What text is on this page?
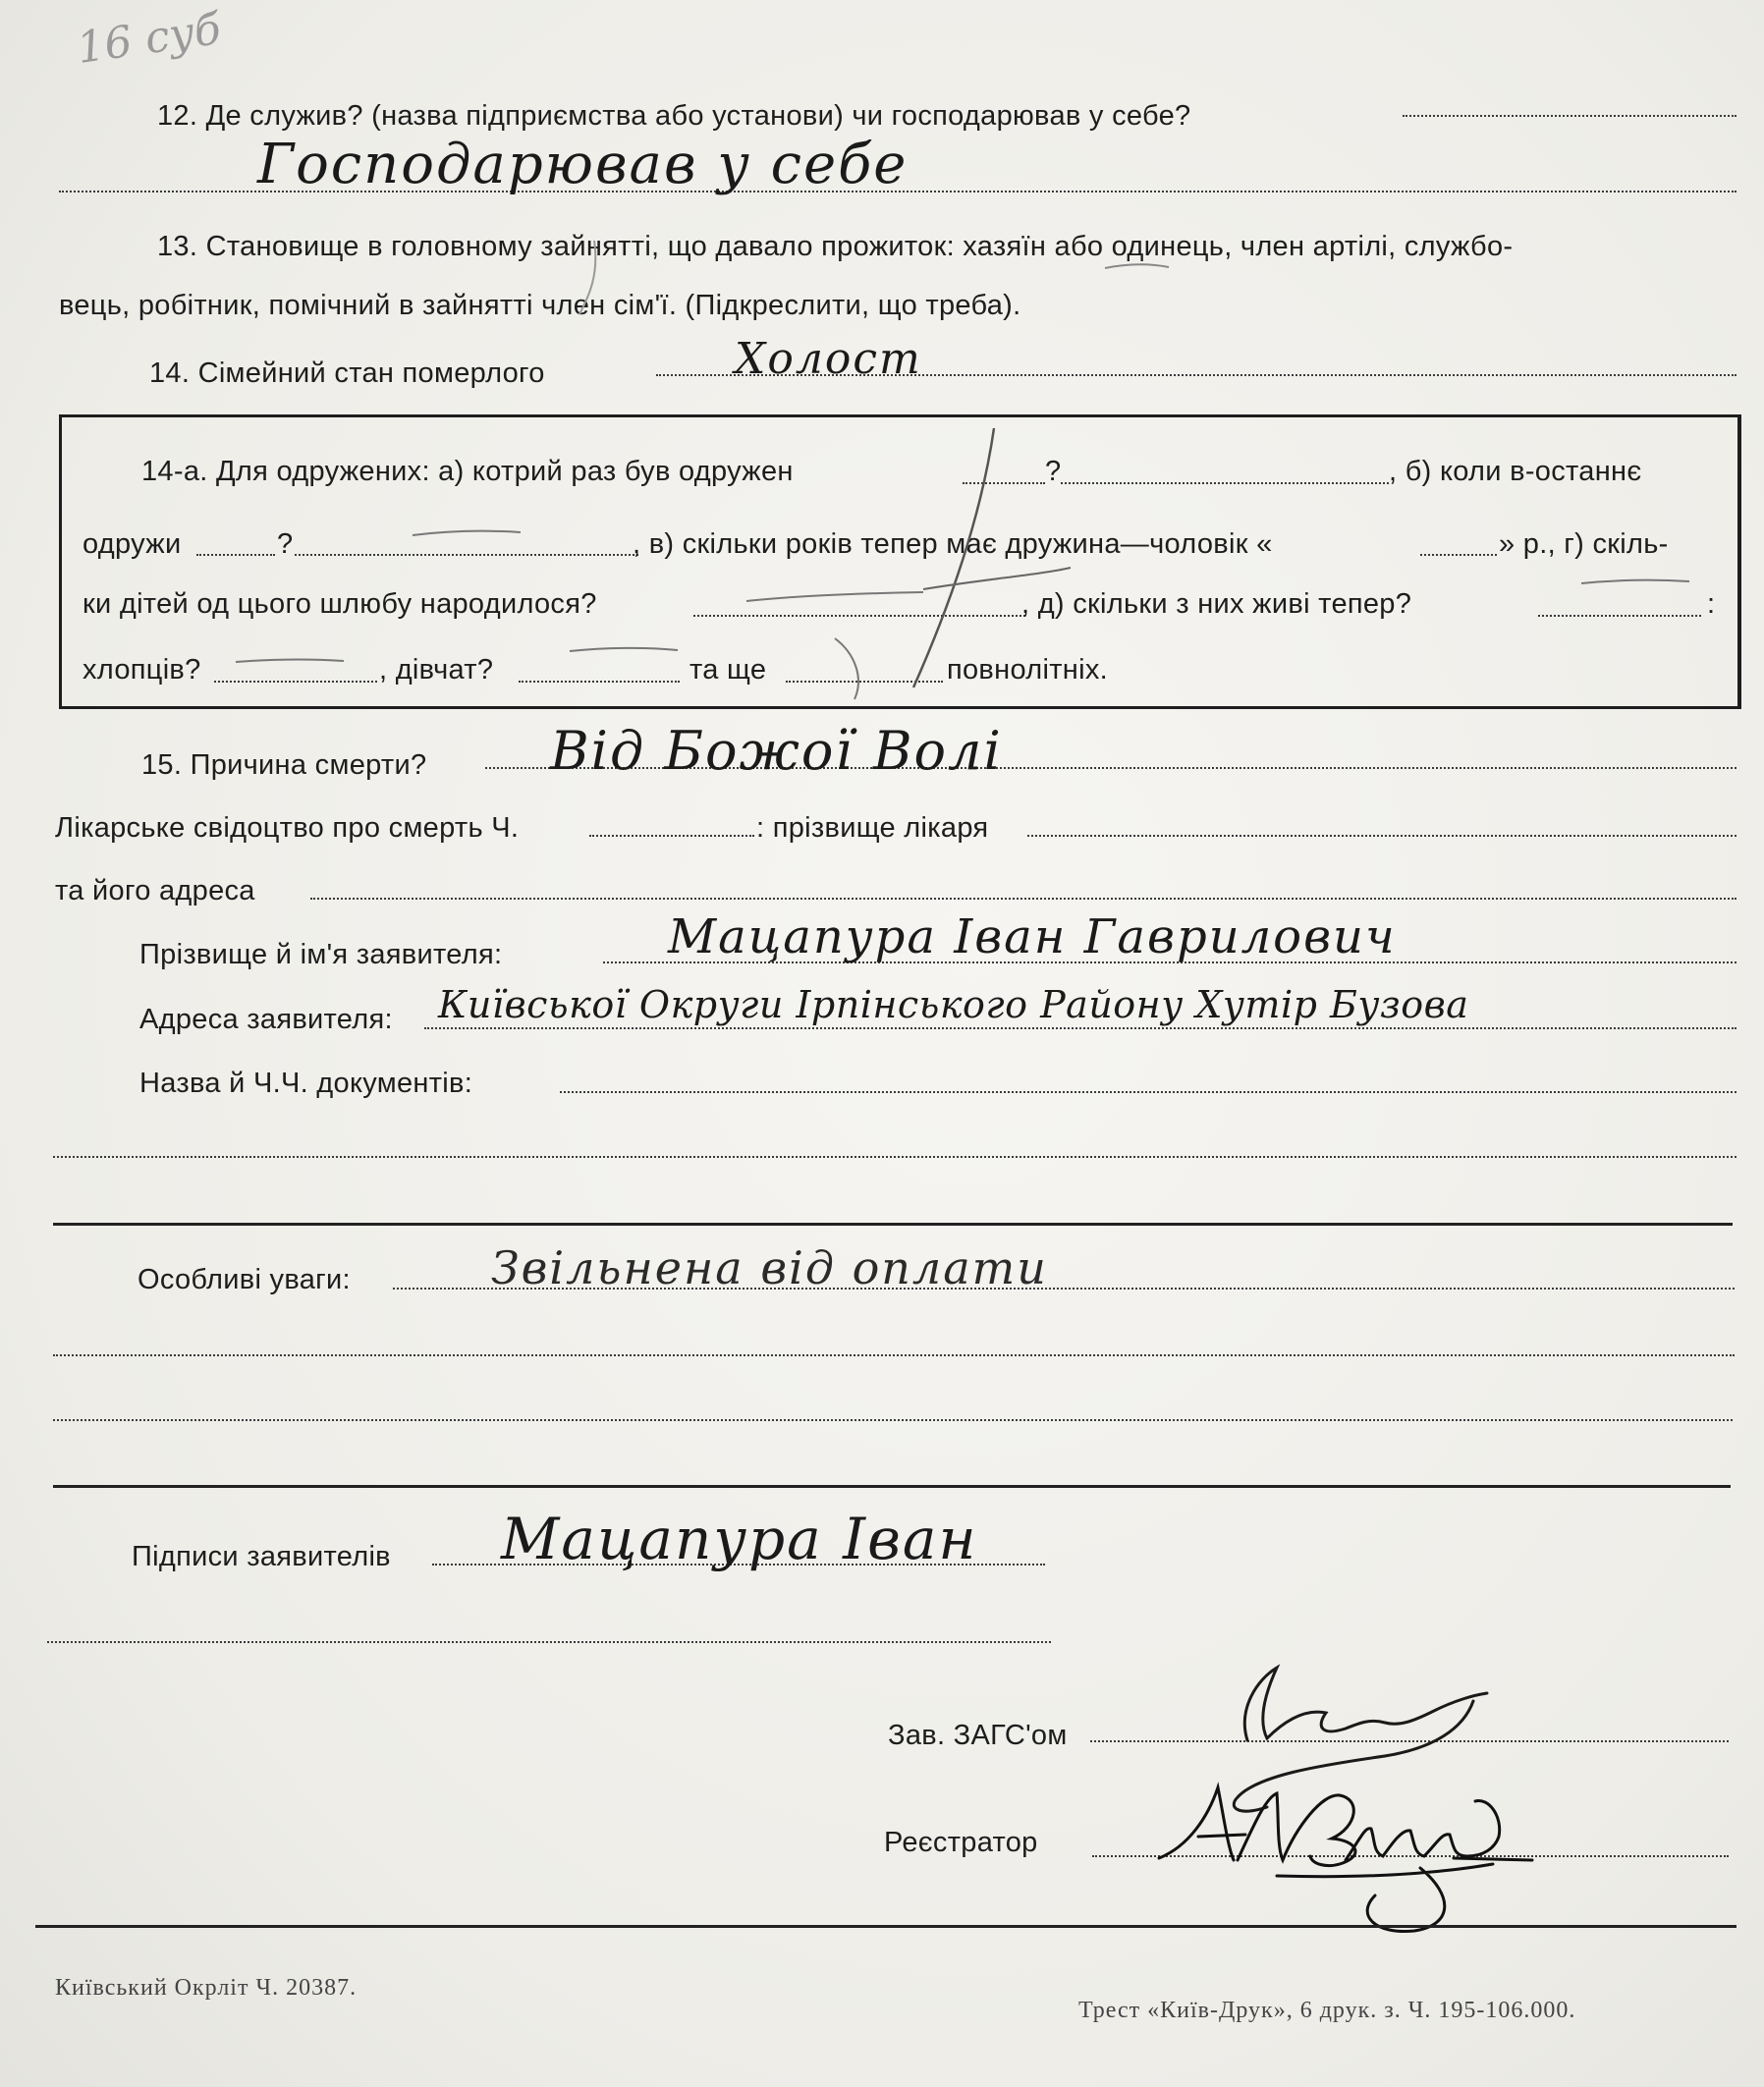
16 суб
12. Де служив? (назва підприємства або установи) чи господарював у себе?
Господарював у себе
13. Становище в головному зайнятті, що давало прожиток: хазяїн або одинець, член артілі, службо-
вець, робітник, помічний в зайнятті член сім'ї. (Підкреслити, що треба).
14. Сімейний стан померлого	Холост
14-а. Для одружених: а) котрий раз був одружен	?	, б) коли в-останнє
одружи	?	, в) скільки років тепер має дружина—чоловік «	» р., г) скіль-
ки дітей од цього шлюбу народилося?	, д) скільки з них живі тепер?	:
хлопців?	, дівчат?	та ще	повнолітніх.
15. Причина смерти? Від Божої Волі
Лікарське свідоцтво про смерть Ч.	: прізвище лікаря
та його адреса
Прізвище й ім'я заявителя:	Мацапура Іван Гаврилович
Адреса заявителя: Київської Округи Ірпінського Району Хутір Бузова
Назва й Ч.Ч. документів:
Особливі уваги:	Звільнена від оплати
Підписи заявителів Мацапура Іван
Зав. ЗАГС'ом
Реєстратор
Київський Окрліт Ч. 20387.
Трест «Київ-Друк», 6 друк. з. Ч. 195-106.000.
